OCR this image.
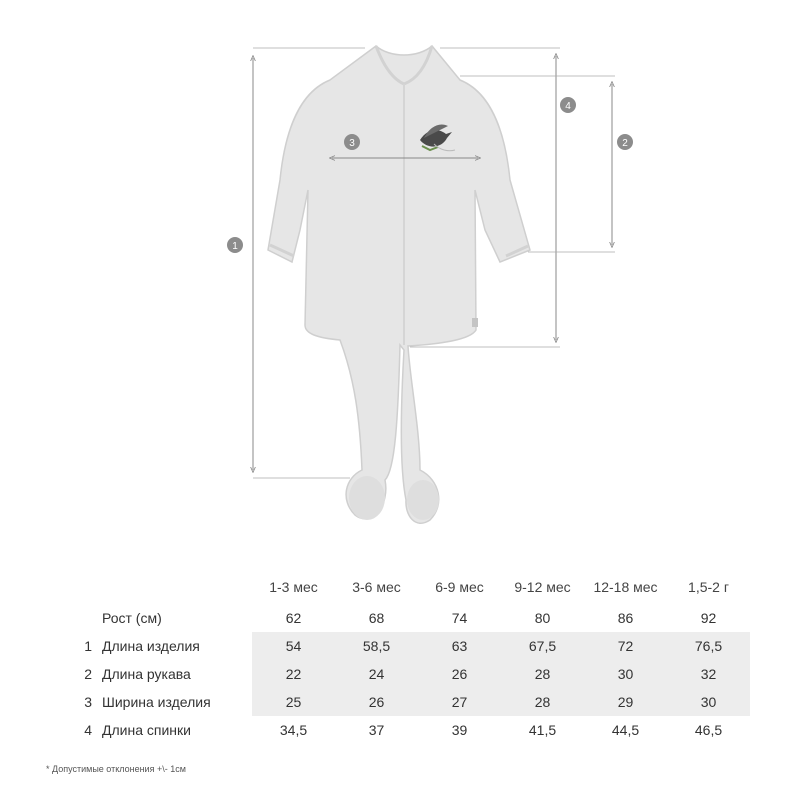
1
4
2
3
		1-3 мес	3-6 мес	6-9 мес	9-12 мес	12-18 мес	1,5-2 г
	Рост (см)	62	68	74	80	86	92

1	Длина изделия	54	58,5	63	67,5	72	76,5

2	Длина рукава	22	24	26	28	30	32

3	Ширина изделия	25	26	27	28	29	30

4	Длина спинки	34,5	37	39	41,5	44,5	46,5
* Допустимые отклонения +\- 1см
